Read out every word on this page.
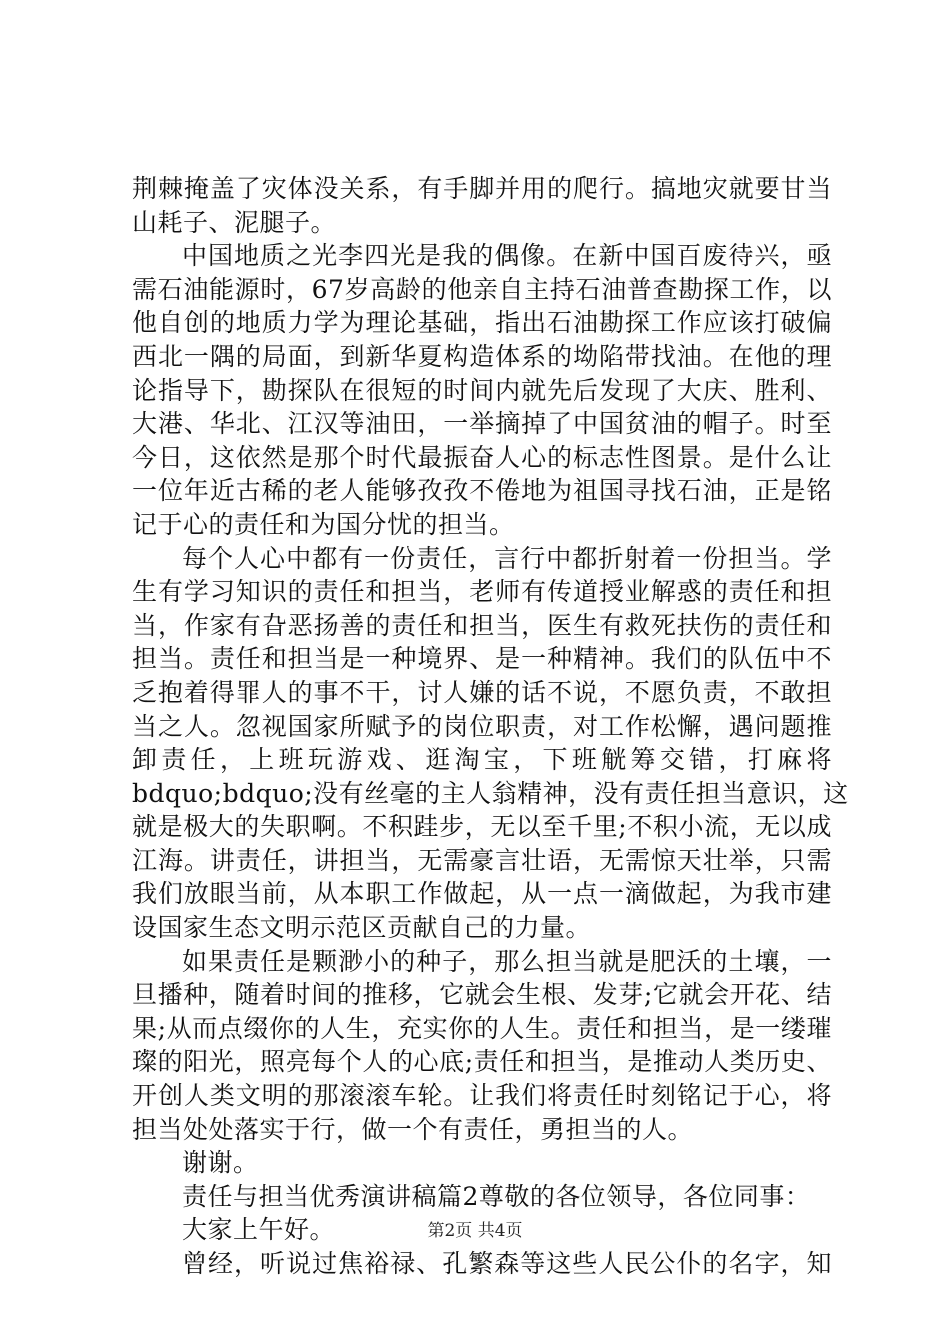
荆棘掩盖了灾体没关系，有手脚并用的爬行。搞地灾就要甘当
山耗子、泥腿子。
中国地质之光李四光是我的偶像。在新中国百废待兴，亟
需石油能源时，67岁高龄的他亲自主持石油普查勘探工作，以
他自创的地质力学为理论基础，指出石油勘探工作应该打破偏
西北一隅的局面，到新华夏构造体系的坳陷带找油。在他的理
论指导下，勘探队在很短的时间内就先后发现了大庆、胜利、
大港、华北、江汉等油田，一举摘掉了中国贫油的帽子。时至
今日，这依然是那个时代最振奋人心的标志性图景。是什么让
一位年近古稀的老人能够孜孜不倦地为祖国寻找石油，正是铭
记于心的责任和为国分忧的担当。
每个人心中都有一份责任，言行中都折射着一份担当。学
生有学习知识的责任和担当，老师有传道授业解惑的责任和担
当，作家有旮恶扬善的责任和担当，医生有救死扶伤的责任和
担当。责任和担当是一种境界、是一种精神。我们的队伍中不
乏抱着得罪人的事不干，讨人嫌的话不说，不愿负责，不敢担
当之人。忽视国家所赋予的岗位职责，对工作松懈，遇问题推
卸责任，上班玩游戏、逛淘宝，下班觥筹交错，打麻将
bdquo;bdquo;没有丝毫的主人翁精神，没有责任担当意识，这
就是极大的失职啊。不积跬步，无以至千里;不积小流，无以成
江海。讲责任，讲担当，无需豪言壮语，无需惊天壮举，只需
我们放眼当前，从本职工作做起，从一点一滴做起，为我市建
设国家生态文明示范区贡献自己的力量。
如果责任是颗渺小的种子，那么担当就是肥沃的土壤，一
旦播种，随着时间的推移，它就会生根、发芽;它就会开花、结
果;从而点缀你的人生，充实你的人生。责任和担当，是一缕璀
璨的阳光，照亮每个人的心底;责任和担当，是推动人类历史、
开创人类文明的那滚滚车轮。让我们将责任时刻铭记于心，将
担当处处落实于行，做一个有责任，勇担当的人。
谢谢。
责任与担当优秀演讲稿篇2尊敬的各位领导，各位同事：
大家上午好。
曾经，听说过焦裕禄、孔繁森等这些人民公仆的名字，知
第2页 共4页
